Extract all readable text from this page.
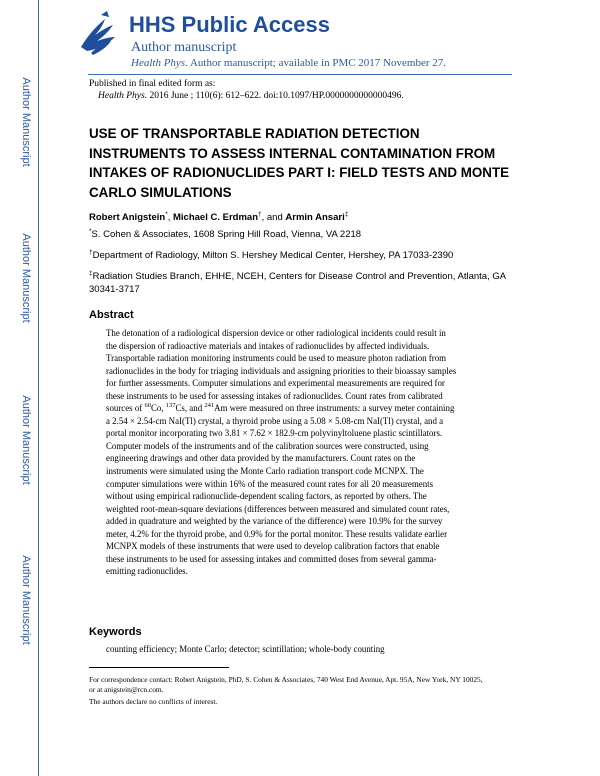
Author Manuscript
Author Manuscript
Author Manuscript
Author Manuscript
HHS Public Access
Author manuscript
Health Phys. Author manuscript; available in PMC 2017 November 27.
Published in final edited form as:
Health Phys. 2016 June ; 110(6): 612–622. doi:10.1097/HP.0000000000000496.
USE OF TRANSPORTABLE RADIATION DETECTION INSTRUMENTS TO ASSESS INTERNAL CONTAMINATION FROM INTAKES OF RADIONUCLIDES PART I: FIELD TESTS AND MONTE CARLO SIMULATIONS
Robert Anigstein*, Michael C. Erdman†, and Armin Ansari‡
*S. Cohen & Associates, 1608 Spring Hill Road, Vienna, VA 2218
†Department of Radiology, Milton S. Hershey Medical Center, Hershey, PA 17033-2390
‡Radiation Studies Branch, EHHE, NCEH, Centers for Disease Control and Prevention, Atlanta, GA 30341-3717
Abstract
The detonation of a radiological dispersion device or other radiological incidents could result in
the dispersion of radioactive materials and intakes of radionuclides by affected individuals.
Transportable radiation monitoring instruments could be used to measure photon radiation from
radionuclides in the body for triaging individuals and assigning priorities to their bioassay samples
for further assessments. Computer simulations and experimental measurements are required for
these instruments to be used for assessing intakes of radionuclides. Count rates from calibrated
sources of $^{60}$Co, $^{137}$Cs, and $^{241}$Am were measured on three instruments: a survey meter containing
a 2.54 × 2.54-cm NaI(Tl) crystal, a thyroid probe using a 5.08 × 5.08-cm NaI(Tl) crystal, and a
portal monitor incorporating two 3.81 × 7.62 × 182.9-cm polyvinyltoluene plastic scintillators.
Computer models of the instruments and of the calibration sources were constructed, using
engineering drawings and other data provided by the manufacturers. Count rates on the
instruments were simulated using the Monte Carlo radiation transport code MCNPX. The
computer simulations were within 16% of the measured count rates for all 20 measurements
without using empirical radionuclide-dependent scaling factors, as reported by others. The
weighted root-mean-square deviations (differences between measured and simulated count rates,
added in quadrature and weighted by the variance of the difference) were 10.9% for the survey
meter, 4.2% for the thyroid probe, and 0.9% for the portal monitor. These results validate earlier
MCNPX models of these instruments that were used to develop calibration factors that enable
these instruments to be used for assessing intakes and committed doses from several gamma-
emitting radionuclides.
Keywords
counting efficiency; Monte Carlo; detector; scintillation; whole-body counting
For correspondence contact: Robert Anigstein, PhD, S. Cohen & Associates, 740 West End Avenue, Apt. 95A, New York, NY 10025,
or at anigstein@rcn.com.
The authors declare no conflicts of interest.
